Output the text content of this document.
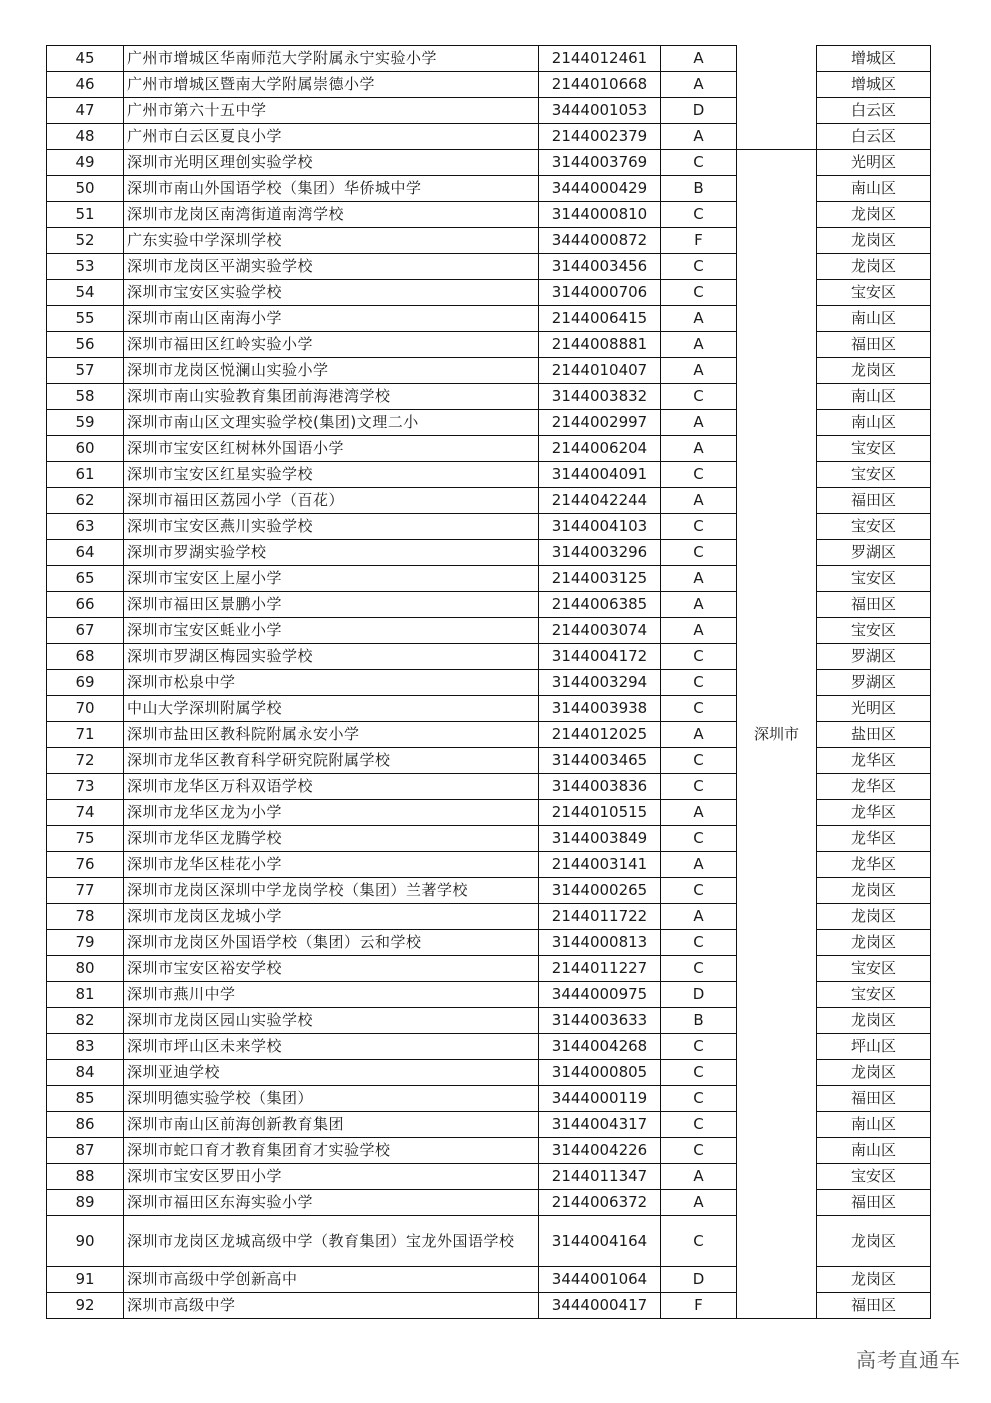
45	广州市增城区华南师范大学附属永宁实验小学	2144012461	A		增城区
46	广州市增城区暨南大学附属崇德小学	2144010668	A		增城区
47	广州市第六十五中学	3444001053	D		白云区
48	广州市白云区夏良小学	2144002379	A		白云区
49	深圳市光明区理创实验学校	3144003769	C	深圳市	光明区
50	深圳市南山外国语学校（集团）华侨城中学	3444000429	B		南山区
51	深圳市龙岗区南湾街道南湾学校	3144000810	C		龙岗区
52	广东实验中学深圳学校	3444000872	F		龙岗区
53	深圳市龙岗区平湖实验学校	3144003456	C		龙岗区
54	深圳市宝安区实验学校	3144000706	C		宝安区
55	深圳市南山区南海小学	2144006415	A		南山区
56	深圳市福田区红岭实验小学	2144008881	A		福田区
57	深圳市龙岗区悦澜山实验小学	2144010407	A		龙岗区
58	深圳市南山实验教育集团前海港湾学校	3144003832	C		南山区
59	深圳市南山区文理实验学校(集团)文理二小	2144002997	A		南山区
60	深圳市宝安区红树林外国语小学	2144006204	A		宝安区
61	深圳市宝安区红星实验学校	3144004091	C		宝安区
62	深圳市福田区荔园小学（百花）	2144042244	A		福田区
63	深圳市宝安区燕川实验学校	3144004103	C		宝安区
64	深圳市罗湖实验学校	3144003296	C		罗湖区
65	深圳市宝安区上屋小学	2144003125	A		宝安区
66	深圳市福田区景鹏小学	2144006385	A		福田区
67	深圳市宝安区蚝业小学	2144003074	A		宝安区
68	深圳市罗湖区梅园实验学校	3144004172	C		罗湖区
69	深圳市松泉中学	3144003294	C		罗湖区
70	中山大学深圳附属学校	3144003938	C		光明区
71	深圳市盐田区教科院附属永安小学	2144012025	A		盐田区
72	深圳市龙华区教育科学研究院附属学校	3144003465	C		龙华区
73	深圳市龙华区万科双语学校	3144003836	C		龙华区
74	深圳市龙华区龙为小学	2144010515	A		龙华区
75	深圳市龙华区龙腾学校	3144003849	C		龙华区
76	深圳市龙华区桂花小学	2144003141	A		龙华区
77	深圳市龙岗区深圳中学龙岗学校（集团）兰著学校	3144000265	C		龙岗区
78	深圳市龙岗区龙城小学	2144011722	A		龙岗区
79	深圳市龙岗区外国语学校（集团）云和学校	3144000813	C		龙岗区
80	深圳市宝安区裕安学校	2144011227	C		宝安区
81	深圳市燕川中学	3444000975	D		宝安区
82	深圳市龙岗区园山实验学校	3144003633	B		龙岗区
83	深圳市坪山区未来学校	3144004268	C		坪山区
84	深圳亚迪学校	3144000805	C		龙岗区
85	深圳明德实验学校（集团）	3444000119	C		福田区
86	深圳市南山区前海创新教育集团	3144004317	C		南山区
87	深圳市蛇口育才教育集团育才实验学校	3144004226	C		南山区
88	深圳市宝安区罗田小学	2144011347	A		宝安区
89	深圳市福田区东海实验小学	2144006372	A		福田区
90	深圳市龙岗区龙城高级中学（教育集团）宝龙外国语学校	3144004164	C		龙岗区
91	深圳市高级中学创新高中	3444001064	D		龙岗区
92	深圳市高级中学	3444000417	F		福田区
高考直通车
